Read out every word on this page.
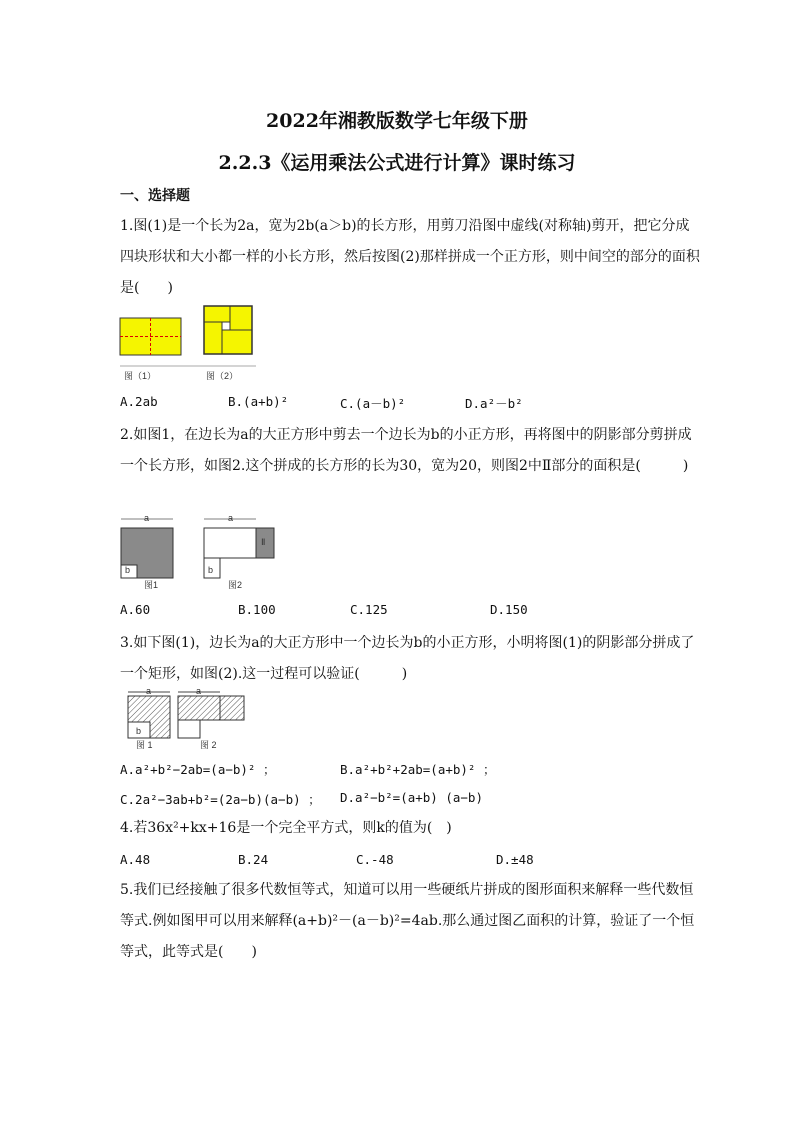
2022年湘教版数学七年级下册
2.2.3《运用乘法公式进行计算》课时练习
一、选择题

1.图(1)是一个长为2a，宽为2b(a＞b)的长方形，用剪刀沿图中虚线(对称轴)剪开，把它分成四块形状和大小都一样的小长方形，然后按图(2)那样拼成一个正方形，则中间空的部分的面积是(　　)

图（1）	图（2）
A.2ab	B.(a+b)²	C.(a－b)²	D.a²－b²

2.如图1，在边长为a的大正方形中剪去一个边长为b的小正方形，再将图中的阴影部分剪拼成一个长方形，如图2.这个拼成的长方形的长为30，宽为20，则图2中Ⅱ部分的面积是(　　　)

a
b
图1
a
Ⅱ
b
图2
A.60	B.100	C.125	D.150

3.如下图(1)，边长为a的大正方形中一个边长为b的小正方形，小明将图(1)的阴影部分拼成了一个矩形，如图(2).这一过程可以验证(　　　)

a
b
图 1
a
图 2
A.a²+b²−2ab=(a−b)² ；	B.a²+b²+2ab=(a+b)² ；
C.2a²−3ab+b²=(2a−b)(a−b) ； D.a²−b²=(a+b) (a−b)

4.若36x²+kx+16是一个完全平方式，则k的值为(　)

A.48	B.24	C.-48	D.±48

5.我们已经接触了很多代数恒等式，知道可以用一些硬纸片拼成的图形面积来解释一些代数恒等式.例如图甲可以用来解释(a+b)²－(a－b)²=4ab.那么通过图乙面积的计算，验证了一个恒等式，此等式是(　　)
